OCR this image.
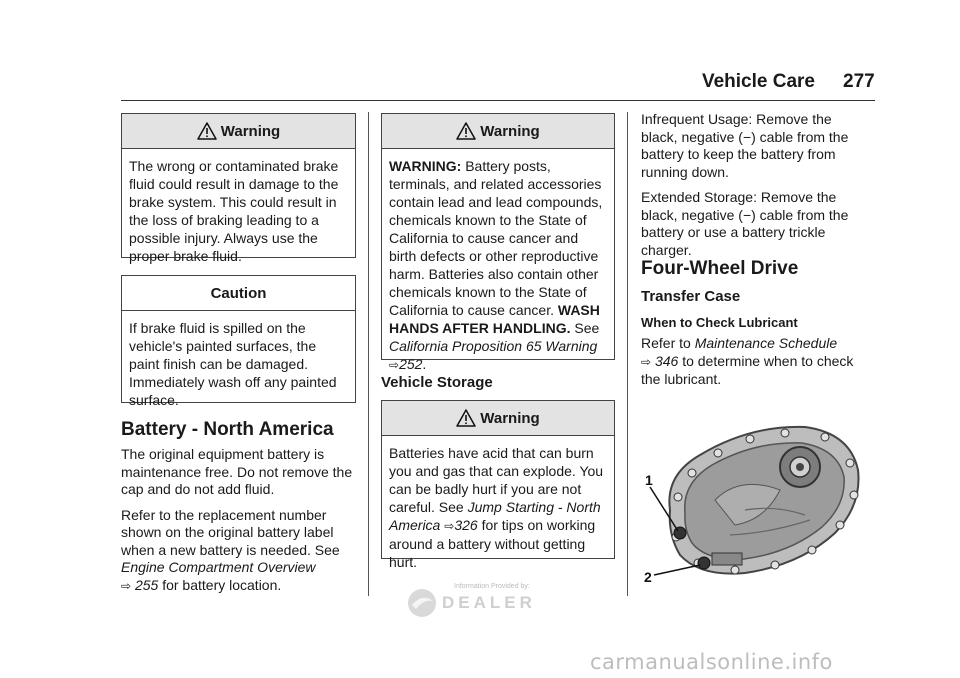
Vehicle Care 277
Warning
The wrong or contaminated brake fluid could result in damage to the brake system. This could result in the loss of braking leading to a possible injury. Always use the proper brake fluid.
Caution
If brake fluid is spilled on the vehicle's painted surfaces, the paint finish can be damaged. Immediately wash off any painted surface.
Battery - North America

The original equipment battery is maintenance free. Do not remove the cap and do not add fluid.

Refer to the replacement number shown on the original battery label when a new battery is needed. See Engine Compartment Overview
⇨ 255 for battery location.

Warning
WARNING: Battery posts, terminals, and related accessories contain lead and lead compounds, chemicals known to the State of California to cause cancer and birth defects or other reproductive harm. Batteries also contain other chemicals known to the State of California to cause cancer. WASH HANDS AFTER HANDLING. See California Proposition 65 Warning ⇨252.
Vehicle Storage
Warning
Batteries have acid that can burn you and gas that can explode. You can be badly hurt if you are not careful. See Jump Starting - North America ⇨326 for tips on working around a battery without getting hurt.
Information Provided by:
DEALER

Infrequent Usage: Remove the black, negative (−) cable from the battery to keep the battery from running down.

Extended Storage: Remove the black, negative (−) cable from the battery or use a battery trickle charger.

Four-Wheel Drive
Transfer Case
When to Check Lubricant

Refer to Maintenance Schedule
⇨ 346 to determine when to check the lubricant.

1
2
carmanualsonline.info
